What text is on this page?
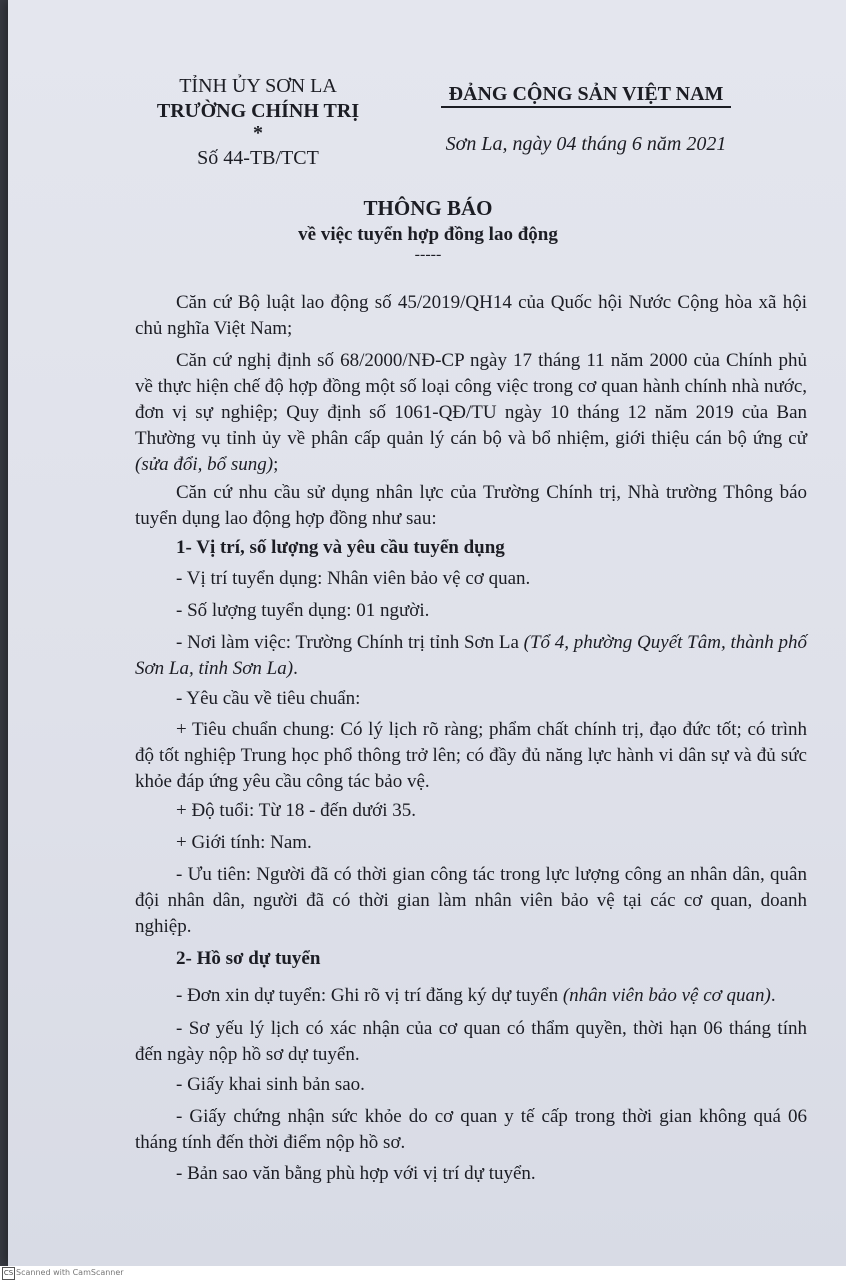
TỈNH ỦY SƠN LA
TRƯỜNG CHÍNH TRỊ
*
Số 44-TB/TCT
ĐẢNG CỘNG SẢN VIỆT NAM
Sơn La, ngày 04 tháng 6 năm 2021
THÔNG BÁO
về việc tuyển hợp đồng lao động
-----
Căn cứ Bộ luật lao động số 45/2019/QH14 của Quốc hội Nước Cộng hòa xã hội chủ nghĩa Việt Nam;
Căn cứ nghị định số 68/2000/NĐ-CP ngày 17 tháng 11 năm 2000 của Chính phủ về thực hiện chế độ hợp đồng một số loại công việc trong cơ quan hành chính nhà nước, đơn vị sự nghiệp; Quy định số 1061-QĐ/TU ngày 10 tháng 12 năm 2019 của Ban Thường vụ tỉnh ủy về phân cấp quản lý cán bộ và bổ nhiệm, giới thiệu cán bộ ứng cử (sửa đổi, bổ sung);
Căn cứ nhu cầu sử dụng nhân lực của Trường Chính trị, Nhà trường Thông báo tuyển dụng lao động hợp đồng như sau:
1- Vị trí, số lượng và yêu cầu tuyển dụng
- Vị trí tuyển dụng: Nhân viên bảo vệ cơ quan.
- Số lượng tuyển dụng: 01 người.
- Nơi làm việc: Trường Chính trị tỉnh Sơn La (Tổ 4, phường Quyết Tâm, thành phố Sơn La, tỉnh Sơn La).
- Yêu cầu về tiêu chuẩn:
+ Tiêu chuẩn chung: Có lý lịch rõ ràng; phẩm chất chính trị, đạo đức tốt; có trình độ tốt nghiệp Trung học phổ thông trở lên; có đầy đủ năng lực hành vi dân sự và đủ sức khỏe đáp ứng yêu cầu công tác bảo vệ.
+ Độ tuổi: Từ 18 - đến dưới 35.
+ Giới tính: Nam.
- Ưu tiên: Người đã có thời gian công tác trong lực lượng công an nhân dân, quân đội nhân dân, người đã có thời gian làm nhân viên bảo vệ tại các cơ quan, doanh nghiệp.
2- Hồ sơ dự tuyển
- Đơn xin dự tuyển: Ghi rõ vị trí đăng ký dự tuyển (nhân viên bảo vệ cơ quan).
- Sơ yếu lý lịch có xác nhận của cơ quan có thẩm quyền, thời hạn 06 tháng tính đến ngày nộp hồ sơ dự tuyển.
- Giấy khai sinh bản sao.
- Giấy chứng nhận sức khỏe do cơ quan y tế cấp trong thời gian không quá 06 tháng tính đến thời điểm nộp hồ sơ.
- Bản sao văn bằng phù hợp với vị trí dự tuyển.
CS Scanned with CamScanner
